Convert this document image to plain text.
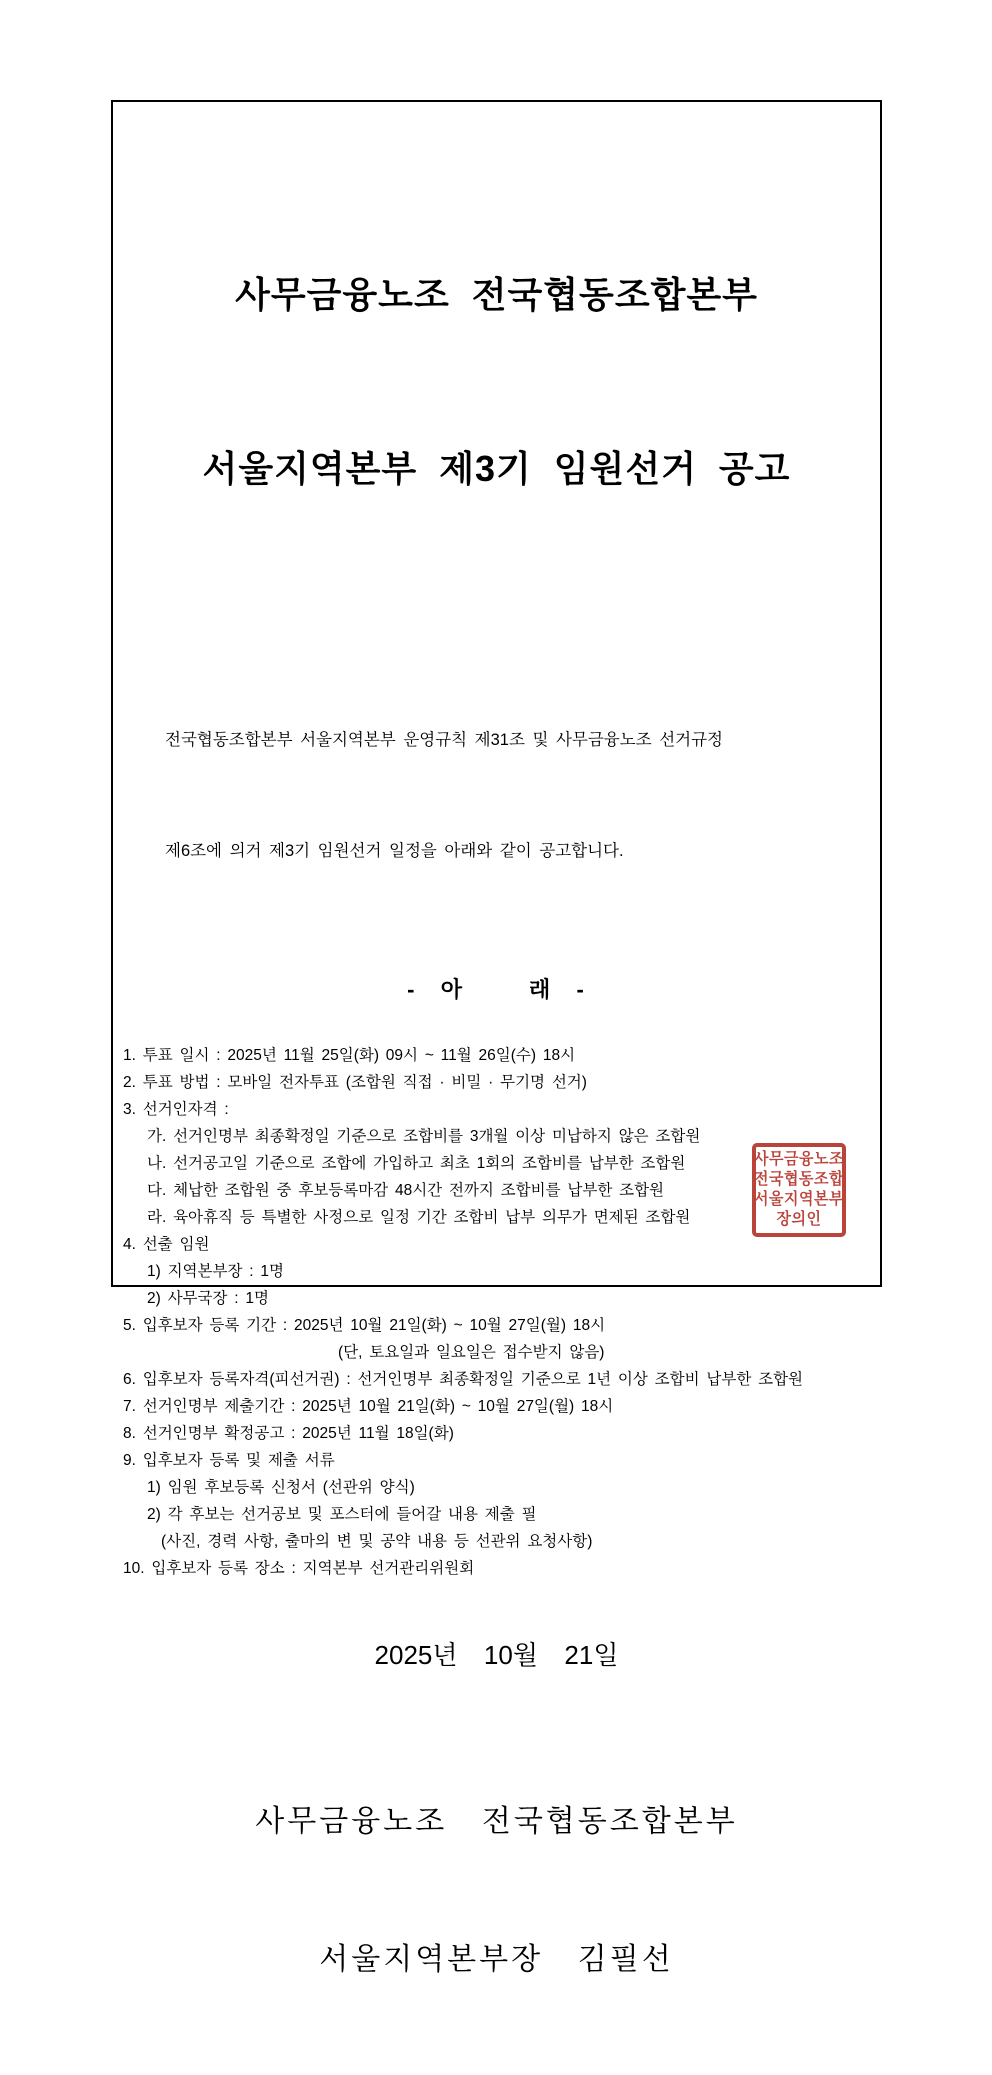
사무금융노조  전국협동조합본부

서울지역본부  제3기  임원선거  공고

전국협동조합본부 서울지역본부 운영규칙 제31조 및 사무금융노조 선거규정

제6조에 의거 제3기 임원선거 일정을 아래와 같이 공고합니다.

-   아        래   -
1. 투표 일시 : 2025년 11월 25일(화) 09시 ~ 11월 26일(수) 18시
2. 투표 방법 : 모바일 전자투표 (조합원 직접 · 비밀 · 무기명 선거)
3. 선거인자격 :
가. 선거인명부 최종확정일 기준으로 조합비를 3개월 이상 미납하지 않은 조합원
나. 선거공고일 기준으로 조합에 가입하고 최초 1회의 조합비를 납부한 조합원
다. 체납한 조합원 중 후보등록마감 48시간 전까지 조합비를 납부한 조합원
라. 육아휴직 등 특별한 사정으로 일정 기간 조합비 납부 의무가 면제된 조합원
4. 선출 임원
1) 지역본부장 : 1명
2) 사무국장 : 1명
5. 입후보자 등록 기간 : 2025년 10월 21일(화) ~ 10월 27일(월) 18시
(단, 토요일과 일요일은 접수받지 않음)
6. 입후보자 등록자격(피선거권) : 선거인명부 최종확정일 기준으로 1년 이상 조합비 납부한 조합원
7. 선거인명부 제출기간 : 2025년 10월 21일(화) ~ 10월 27일(월) 18시
8. 선거인명부 확정공고 : 2025년 11월 18일(화)
9. 입후보자 등록 및 제출 서류
1) 임원 후보등록 신청서 (선관위 양식)
2) 각 후보는 선거공보 및 포스터에 들어갈 내용 제출 필
(사진, 경력 사항, 출마의 변 및 공약 내용 등 선관위 요청사항)
10. 입후보자 등록 장소 : 지역본부 선거관리위원회
2025년  10월  21일

사무금융노조  전국협동조합본부

서울지역본부장  김필선

사무금융노조
전국협동조합
서울지역본부
장의인
